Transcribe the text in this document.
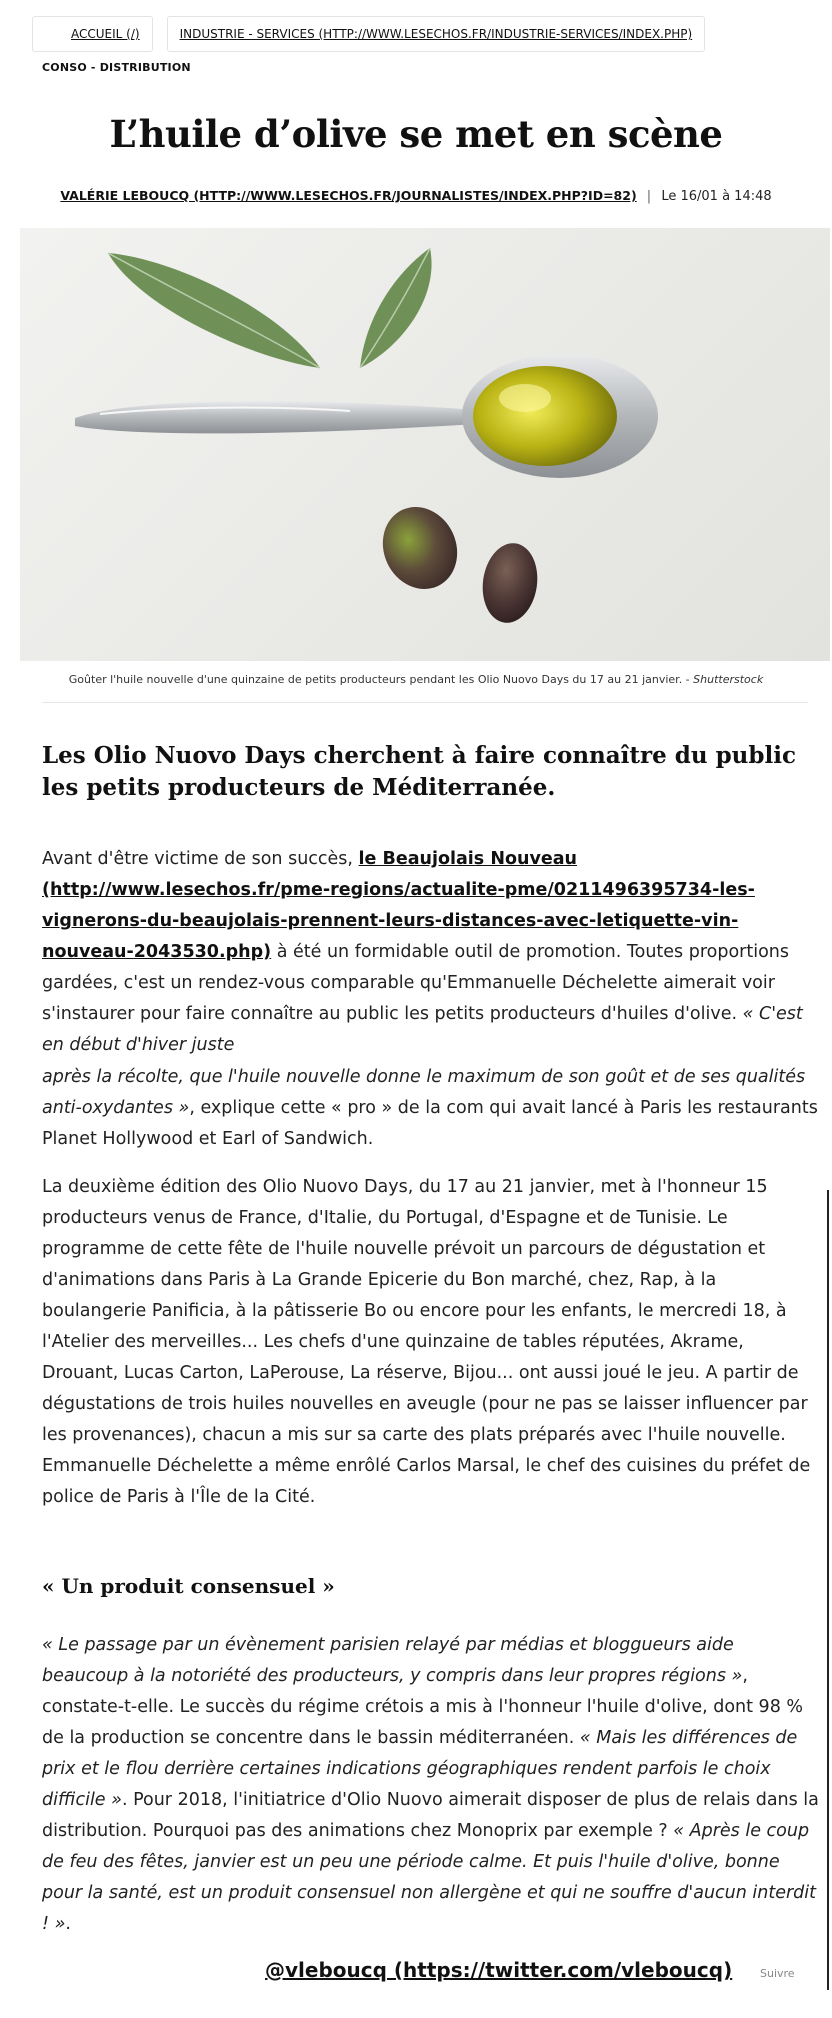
ACCUEIL (/)	INDUSTRIE - SERVICES (HTTP://WWW.LESECHOS.FR/INDUSTRIE-SERVICES/INDEX.PHP)
CONSO - DISTRIBUTION
L’huile d’olive se met en scène
VALÉRIE LEBOUCQ (HTTP://WWW.LESECHOS.FR/JOURNALISTES/INDEX.PHP?ID=82) | Le 16/01 à 14:48
Goûter l'huile nouvelle d'une quinzaine de petits producteurs pendant les Olio Nuovo Days du 17 au 21 janvier. - Shutterstock
Les Olio Nuovo Days cherchent à faire connaître du public les petits producteurs de Méditerranée.

Avant d'être victime de son succès, le Beaujolais Nouveau (http://www.lesechos.fr/pme-regions/actualite-pme/0211496395734-les-vignerons-du-beaujolais-prennent-leurs-distances-avec-letiquette-vin-nouveau-2043530.php) à été un formidable outil de promotion. Toutes proportions gardées, c'est un rendez-vous comparable qu'Emmanuelle Déchelette aimerait voir s'instaurer pour faire connaître au public les petits producteurs d'huiles d'olive. « C'est en début d'hiver juste

après la récolte, que l'huile nouvelle donne le maximum de son goût et de ses qualités anti-oxydantes », explique cette « pro » de la com qui avait lancé à Paris les restaurants Planet Hollywood et Earl of Sandwich.

La deuxième édition des Olio Nuovo Days, du 17 au 21 janvier, met à l'honneur 15 producteurs venus de France, d'Italie, du Portugal, d'Espagne et de Tunisie. Le programme de cette fête de l'huile nouvelle prévoit un parcours de dégustation et d'animations dans Paris à La Grande Epicerie du Bon marché, chez, Rap, à la boulangerie Panificia, à la pâtisserie Bo ou encore pour les enfants, le mercredi 18, à l'Atelier des merveilles... Les chefs d'une quinzaine de tables réputées, Akrame, Drouant, Lucas Carton, LaPerouse, La réserve, Bijou... ont aussi joué le jeu. A partir de dégustations de trois huiles nouvelles en aveugle (pour ne pas se laisser influencer par les provenances), chacun a mis sur sa carte des plats préparés avec l'huile nouvelle. Emmanuelle Déchelette a même enrôlé Carlos Marsal, le chef des cuisines du préfet de police de Paris à l'Île de la Cité.

« Un produit consensuel »

« Le passage par un évènement parisien relayé par médias et bloggueurs aide beaucoup à la notoriété des producteurs, y compris dans leur propres régions », constate-t-elle. Le succès du régime crétois a mis à l'honneur l'huile d'olive, dont 98 % de la production se concentre dans le bassin méditerranéen. « Mais les différences de prix et le flou derrière certaines indications géographiques rendent parfois le choix difficile ». Pour 2018, l'initiatrice d'Olio Nuovo aimerait disposer de plus de relais dans la distribution. Pourquoi pas des animations chez Monoprix par exemple ? « Après le coup de feu des fêtes, janvier est un peu une période calme. Et puis l'huile d'olive, bonne pour la santé, est un produit consensuel non allergène et qui ne souffre d'aucun interdit ! ».

@vleboucq (https://twitter.com/vleboucq)	Suivre
